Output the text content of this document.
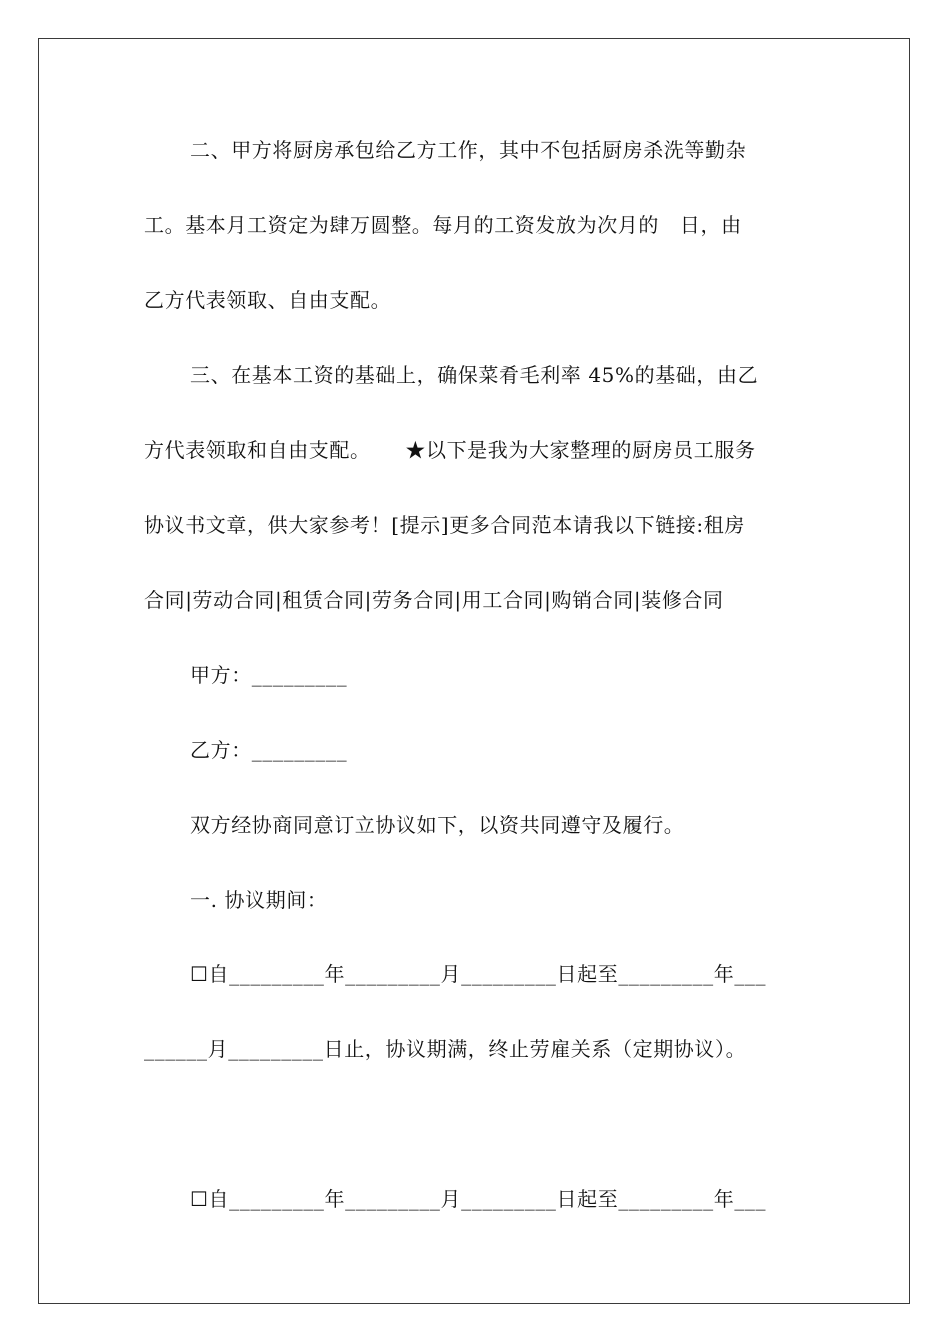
二、甲方将厨房承包给乙方工作，其中不包括厨房杀洗等勤杂
工。基本月工资定为肆万圆整。每月的工资发放为次月的   日，由
乙方代表领取、自由支配。
三、在基本工资的基础上，确保菜肴毛利率 45%的基础，由乙
方代表领取和自由支配。     ★以下是我为大家整理的厨房员工服务
协议书文章，供大家参考！[提示]更多合同范本请我以下链接:租房
合同|劳动合同|租赁合同|劳务合同|用工合同|购销合同|装修合同
甲方：_________
乙方：_________
双方经协商同意订立协议如下，以资共同遵守及履行。
一. 协议期间：
☐自_________年_________月_________日起至_________年___
______月_________日止，协议期满，终止劳雇关系（定期协议）。
☐自_________年_________月_________日起至_________年___
